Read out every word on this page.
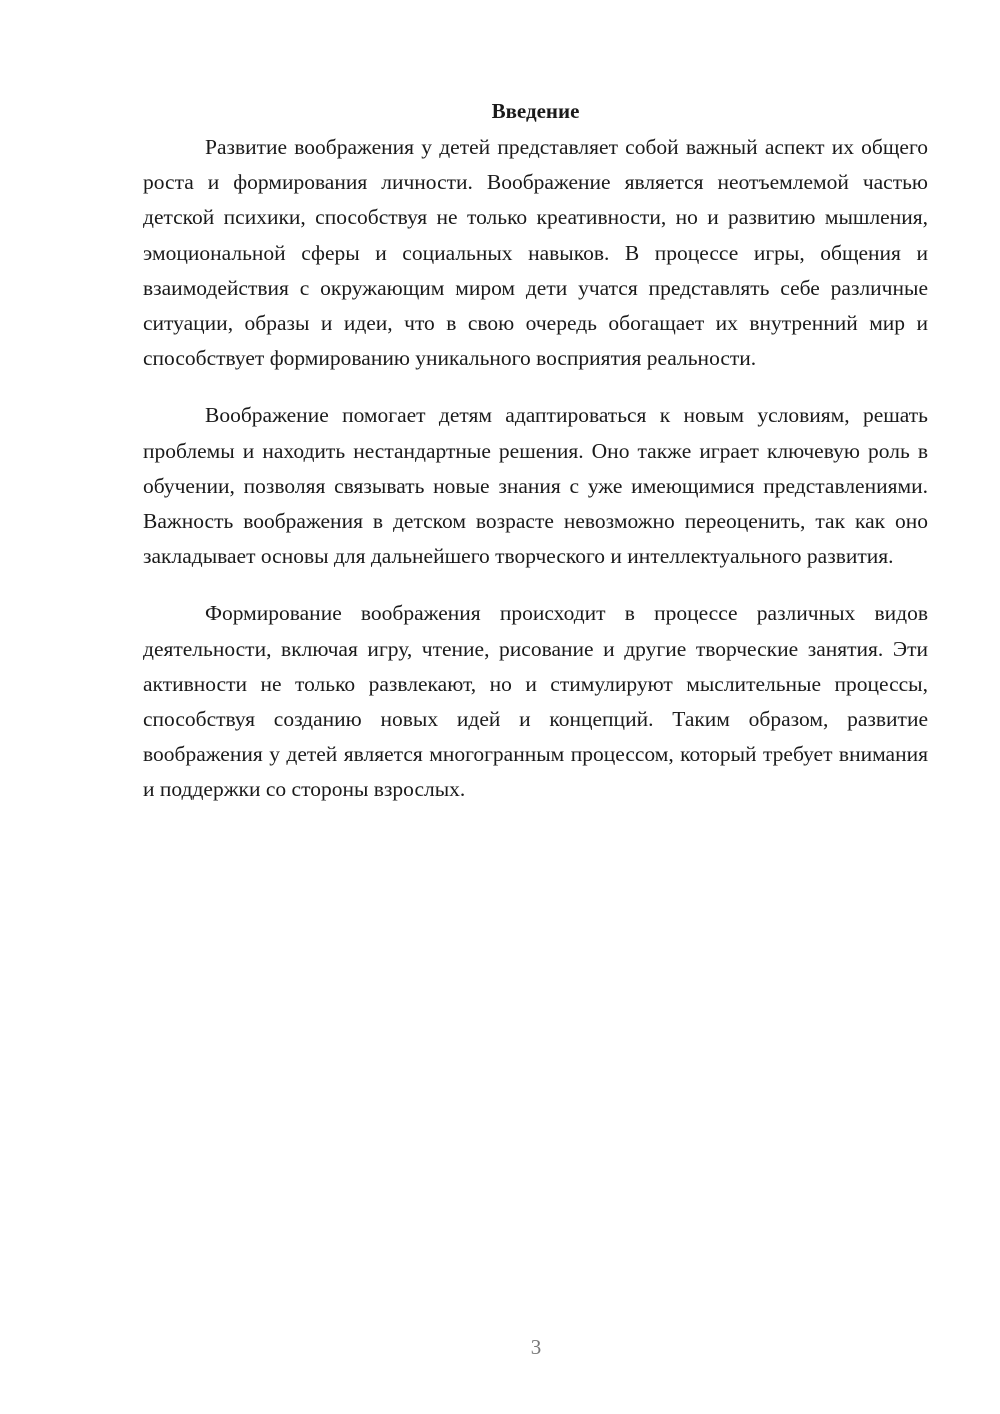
Введение

Развитие воображения у детей представляет собой важный аспект их общего роста и формирования личности. Воображение является неотъемлемой частью детской психики, способствуя не только креативности, но и развитию мышления, эмоциональной сферы и социальных навыков. В процессе игры, общения и взаимодействия с окружающим миром дети учатся представлять себе различные ситуации, образы и идеи, что в свою очередь обогащает их внутренний мир и способствует формированию уникального восприятия реальности.

Воображение помогает детям адаптироваться к новым условиям, решать проблемы и находить нестандартные решения. Оно также играет ключевую роль в обучении, позволяя связывать новые знания с уже имеющимися представлениями. Важность воображения в детском возрасте невозможно переоценить, так как оно закладывает основы для дальнейшего творческого и интеллектуального развития.

Формирование воображения происходит в процессе различных видов деятельности, включая игру, чтение, рисование и другие творческие занятия. Эти активности не только развлекают, но и стимулируют мыслительные процессы, способствуя созданию новых идей и концепций. Таким образом, развитие воображения у детей является многогранным процессом, который требует внимания и поддержки со стороны взрослых.

3
